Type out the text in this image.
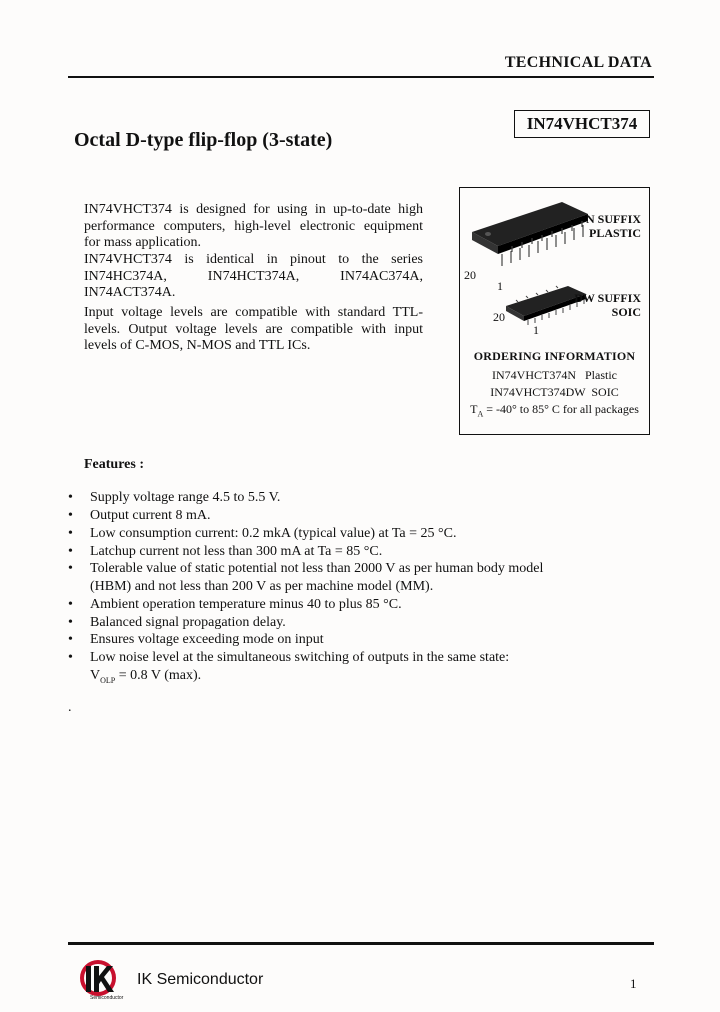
TECHNICAL DATA
IN74VHCT374
Octal D-type flip-flop (3-state)
IN74VHCT374 is designed for using in up-to-date high
performance computers, high-level electronic equipment
for mass application.
IN74VHCT374 is identical in pinout to the series
IN74HC374A, IN74HCT374A, IN74AC374A,
IN74ACT374A.
Input voltage levels are compatible with standard TTL-
levels. Output voltage levels are compatible with input
levels of C-MOS, N-MOS and TTL ICs.
N SUFFIX
PLASTIC
20
1
DW SUFFIX
SOIC
20
1
ORDERING INFORMATION
IN74VHCT374N   Plastic
IN74VHCT374DW  SOIC
$T_A = -40^\circ$ to 85° C for all packages
Features :
• Supply voltage range 4.5 to 5.5 V.
• Output current 8 mA.
• Low consumption current: 0.2 mkA (typical value) at Ta = 25 °C.
• Latchup current not less than 300 mA at Ta = 85 °C.
• Tolerable value of static potential not less than 2000 V as per human body model (HBM) and not less than 200 V as per machine model (MM).
• Ambient operation temperature minus 40 to plus 85 °C.
• Balanced signal propagation delay.
• Ensures voltage exceeding mode on input
• Low noise level at the simultaneous switching of outputs in the same state:
$V_{OLP} = 0.8$ V (max).
.
Semiconductor
IK Semiconductor	1
